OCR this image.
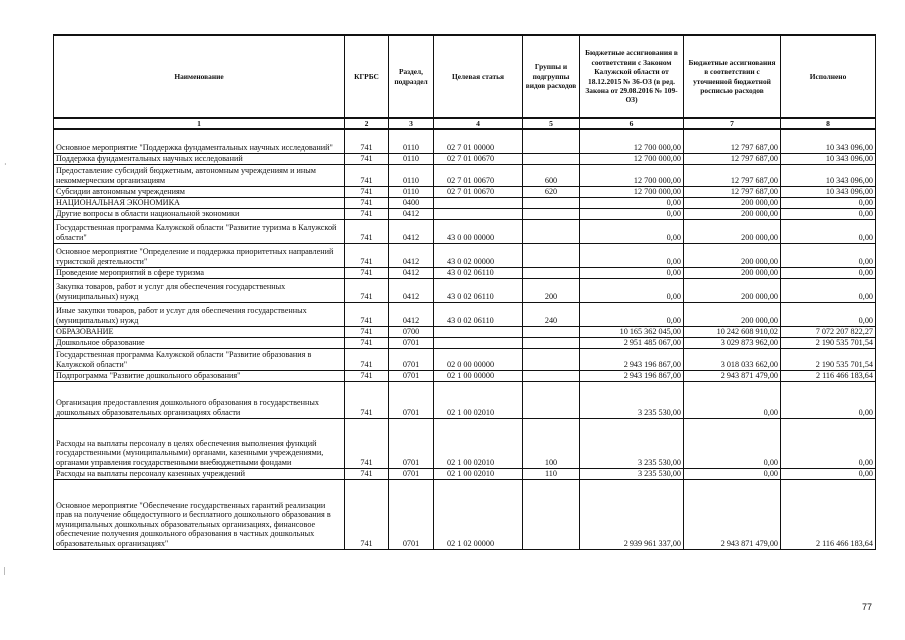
Наименование	КГРБС	Раздел, подраздел	Целевая статья	Группы и подгруппы видов расходов	Бюджетные ассигнования в соответствии с Законом Калужской области от 18.12.2015 № 36-ОЗ (в ред. Закона от 29.08.2016 № 109-ОЗ)	Бюджетные ассигнования в соответствии с уточненной бюджетной росписью расходов	Исполнено
1	2	3	4	5	6	7	8
Основное мероприятие "Поддержка фундаментальных научных исследований"	741	0110	02 7 01 00000		12 700 000,00	12 797 687,00	10 343 096,00
Поддержка фундаментальных научных исследований	741	0110	02 7 01 00670		12 700 000,00	12 797 687,00	10 343 096,00
Предоставление субсидий бюджетным, автономным учреждениям и иным некоммерческим организациям	741	0110	02 7 01 00670	600	12 700 000,00	12 797 687,00	10 343 096,00
Субсидии автономным учреждениям	741	0110	02 7 01 00670	620	12 700 000,00	12 797 687,00	10 343 096,00
НАЦИОНАЛЬНАЯ ЭКОНОМИКА	741	0400			0,00	200 000,00	0,00
Другие вопросы в области национальной экономики	741	0412			0,00	200 000,00	0,00
Государственная программа Калужской области "Развитие туризма в Калужской области"	741	0412	43 0 00 00000		0,00	200 000,00	0,00
Основное мероприятие "Определение и поддержка приоритетных направлений туристской деятельности"	741	0412	43 0 02 00000		0,00	200 000,00	0,00
Проведение мероприятий в сфере туризма	741	0412	43 0 02 06110		0,00	200 000,00	0,00
Закупка товаров, работ и услуг для обеспечения государственных (муниципальных) нужд	741	0412	43 0 02 06110	200	0,00	200 000,00	0,00
Иные закупки товаров, работ и услуг для обеспечения государственных (муниципальных) нужд	741	0412	43 0 02 06110	240	0,00	200 000,00	0,00
ОБРАЗОВАНИЕ	741	0700			10 165 362 045,00	10 242 608 910,02	7 072 207 822,27
Дошкольное образование	741	0701			2 951 485 067,00	3 029 873 962,00	2 190 535 701,54
Государственная программа Калужской области "Развитие образования в Калужской области"	741	0701	02 0 00 00000		2 943 196 867,00	3 018 033 662,00	2 190 535 701,54
Подпрограмма "Развитие дошкольного образования"	741	0701	02 1 00 00000		2 943 196 867,00	2 943 871 479,00	2 116 466 183,64
Организация предоставления дошкольного образования в государственных дошкольных образовательных организациях области	741	0701	02 1 00 02010		3 235 530,00	0,00	0,00
Расходы на выплаты персоналу в целях обеспечения выполнения функций государственными (муниципальными) органами, казенными учреждениями, органами управления государственными внебюджетными фондами	741	0701	02 1 00 02010	100	3 235 530,00	0,00	0,00
Расходы на выплаты персоналу казенных учреждений	741	0701	02 1 00 02010	110	3 235 530,00	0,00	0,00
Основное мероприятие "Обеспечение государственных гарантий реализации прав на получение общедоступного и бесплатного дошкольного образования в муниципальных дошкольных образовательных организациях, финансовое обеспечение получения дошкольного образования в частных дошкольных образовательных организациях"	741	0701	02 1 02 00000		2 939 961 337,00	2 943 871 479,00	2 116 466 183,64
77
·
|
